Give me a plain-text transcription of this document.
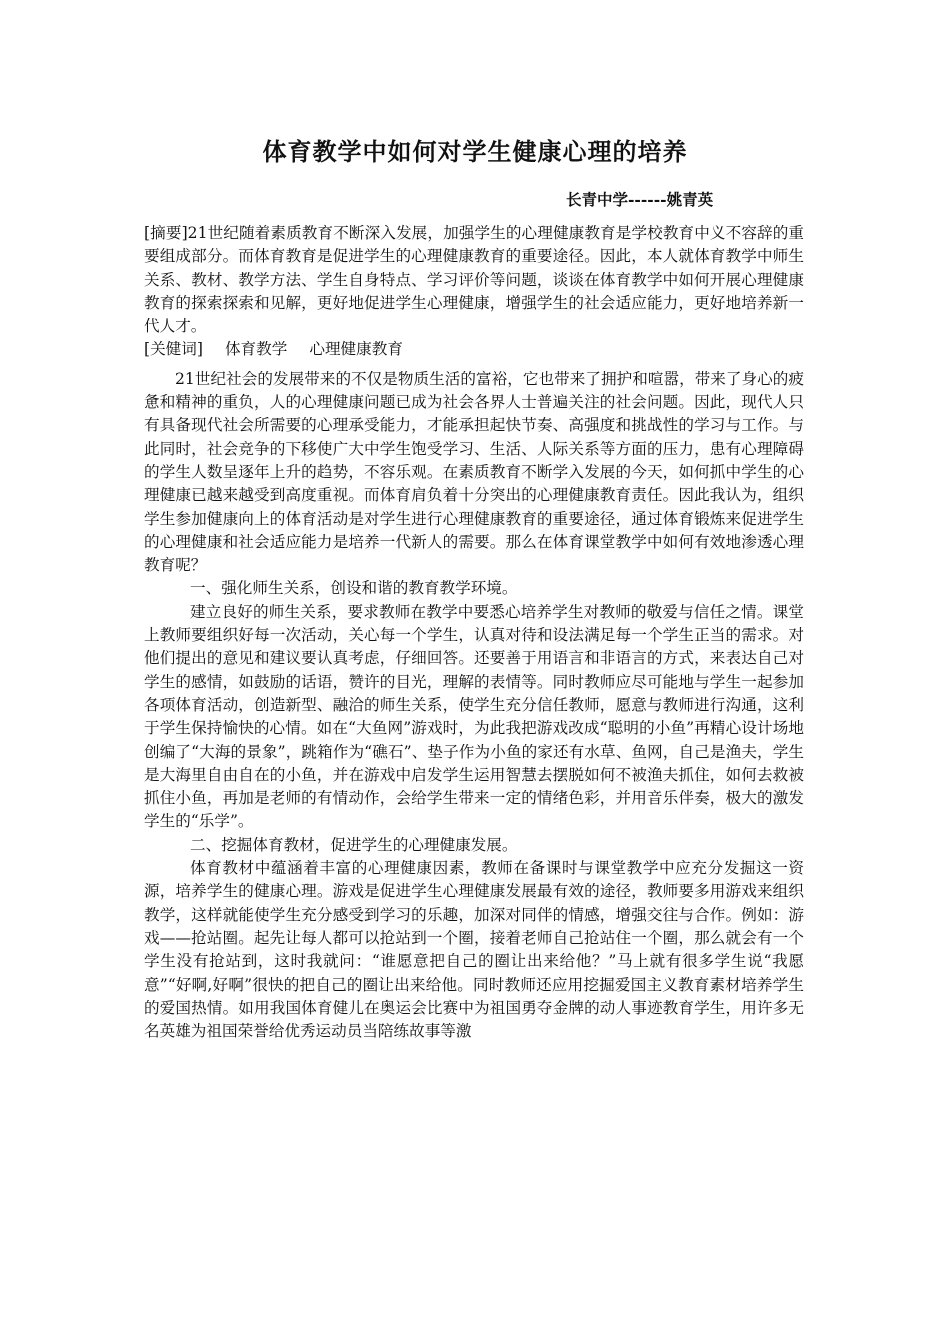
体育教学中如何对学生健康心理的培养
长青中学------姚青英

[摘要]21世纪随着素质教育不断深入发展，加强学生的心理健康教育是学校教育中义不容辞的重要组成部分。而体育教育是促进学生的心理健康教育的重要途径。因此，本人就体育教学中师生关系、教材、教学方法、学生自身特点、学习评价等问题，谈谈在体育教学中如何开展心理健康教育的探索探索和见解，更好地促进学生心理健康，增强学生的社会适应能力，更好地培养新一代人才。

[关健词] 体育教学 心理健康教育

21世纪社会的发展带来的不仅是物质生活的富裕，它也带来了拥护和喧嚣，带来了身心的疲惫和精神的重负，人的心理健康问题已成为社会各界人士普遍关注的社会问题。因此，现代人只有具备现代社会所需要的心理承受能力，才能承担起快节奏、高强度和挑战性的学习与工作。与此同时，社会竞争的下移使广大中学生饱受学习、生活、人际关系等方面的压力，患有心理障碍的学生人数呈逐年上升的趋势，不容乐观。在素质教育不断学入发展的今天，如何抓中学生的心理健康已越来越受到高度重视。而体育肩负着十分突出的心理健康教育责任。因此我认为，组织学生参加健康向上的体育活动是对学生进行心理健康教育的重要途径，通过体育锻炼来促进学生的心理健康和社会适应能力是培养一代新人的需要。那么在体育课堂教学中如何有效地渗透心理教育呢？

一、强化师生关系，创设和谐的教育教学环境。

建立良好的师生关系，要求教师在教学中要悉心培养学生对教师的敬爱与信任之情。课堂上教师要组织好每一次活动，关心每一个学生，认真对待和设法满足每一个学生正当的需求。对他们提出的意见和建议要认真考虑，仔细回答。还要善于用语言和非语言的方式，来表达自己对学生的感情，如鼓励的话语，赞许的目光，理解的表情等。同时教师应尽可能地与学生一起参加各项体育活动，创造新型、融洽的师生关系，使学生充分信任教师，愿意与教师进行沟通，这利于学生保持愉快的心情。如在“大鱼网”游戏时，为此我把游戏改成“聪明的小鱼”再精心设计场地创编了“大海的景象”，跳箱作为“礁石”、垫子作为小鱼的家还有水草、鱼网，自己是渔夫，学生是大海里自由自在的小鱼，并在游戏中启发学生运用智慧去摆脱如何不被渔夫抓住，如何去救被抓住小鱼，再加是老师的有情动作，会给学生带来一定的情绪色彩，并用音乐伴奏，极大的激发学生的“乐学”。

二、挖掘体育教材，促进学生的心理健康发展。

体育教材中蕴涵着丰富的心理健康因素，教师在备课时与课堂教学中应充分发掘这一资源，培养学生的健康心理。游戏是促进学生心理健康发展最有效的途径，教师要多用游戏来组织教学，这样就能使学生充分感受到学习的乐趣，加深对同伴的情感，增强交往与合作。例如：游戏——抢站圈。起先让每人都可以抢站到一个圈，接着老师自己抢站住一个圈，那么就会有一个学生没有抢站到，这时我就问：“谁愿意把自己的圈让出来给他？”马上就有很多学生说“我愿意”“好啊,好啊”很快的把自己的圈让出来给他。同时教师还应用挖掘爱国主义教育素材培养学生的爱国热情。如用我国体育健儿在奥运会比赛中为祖国勇夺金牌的动人事迹教育学生，用许多无名英雄为祖国荣誉给优秀运动员当陪练故事等激
